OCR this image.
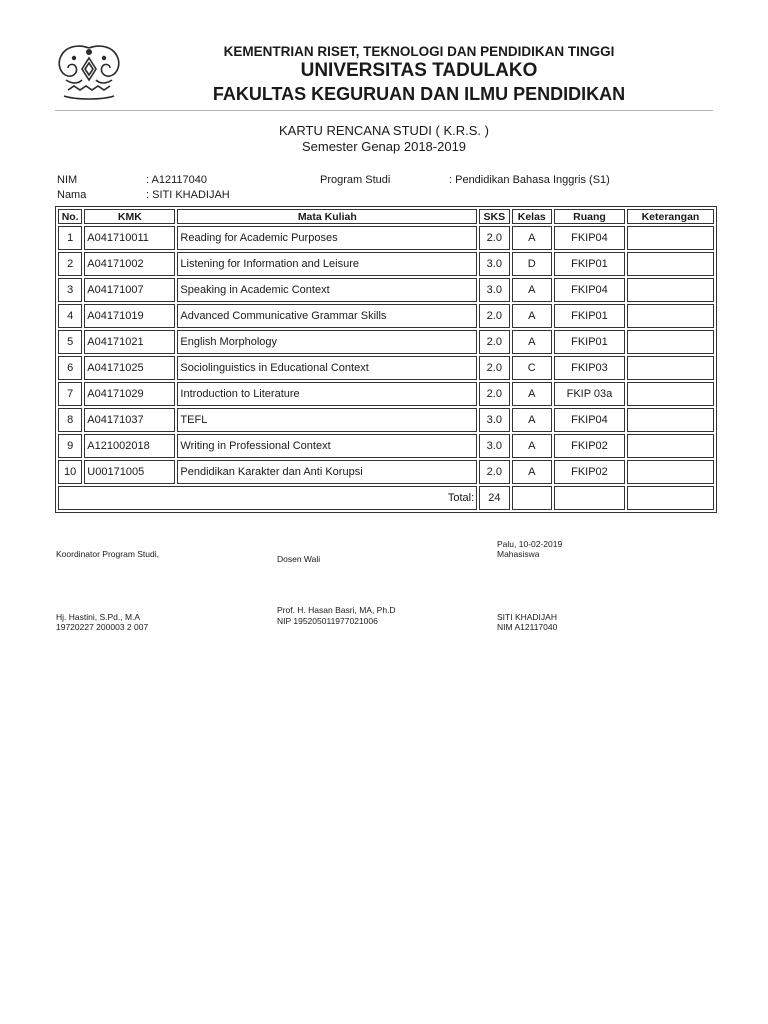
KEMENTRIAN RISET, TEKNOLOGI DAN PENDIDIKAN TINGGI
UNIVERSITAS TADULAKO
FAKULTAS KEGURUAN DAN ILMU PENDIDIKAN
KARTU RENCANA STUDI ( K.R.S. )
Semester Genap 2018-2019
NIM	: A12117040	Program Studi	: Pendidikan Bahasa Inggris (S1)
Nama	: SITI KHADIJAH
No.	KMK	Mata Kuliah	SKS	Kelas	Ruang	Keterangan
1	A041710011	Reading for Academic Purposes	2.0	A	FKIP04	
2	A04171002	Listening for Information and Leisure	3.0	D	FKIP01	
3	A04171007	Speaking in Academic Context	3.0	A	FKIP04	
4	A04171019	Advanced Communicative Grammar Skills	2.0	A	FKIP01	
5	A04171021	English Morphology	2.0	A	FKIP01	
6	A04171025	Sociolinguistics in Educational Context	2.0	C	FKIP03	
7	A04171029	Introduction to Literature	2.0	A	FKIP 03a	
8	A04171037	TEFL	3.0	A	FKIP04	
9	A121002018	Writing in Professional Context	3.0	A	FKIP02	
10	U00171005	Pendidikan Karakter dan Anti Korupsi	2.0	A	FKIP02	
Total:			24			
Koordinator Program Studi,	Dosen Wali
Palu, 10-02-2019
Mahasiswa
Hj. Hastini, S.Pd., M.A
19720227 200003 2 007
Prof. H. Hasan Basri, MA, Ph.D
NIP 195205011977021006	SITI KHADIJAH
NIM A12117040
